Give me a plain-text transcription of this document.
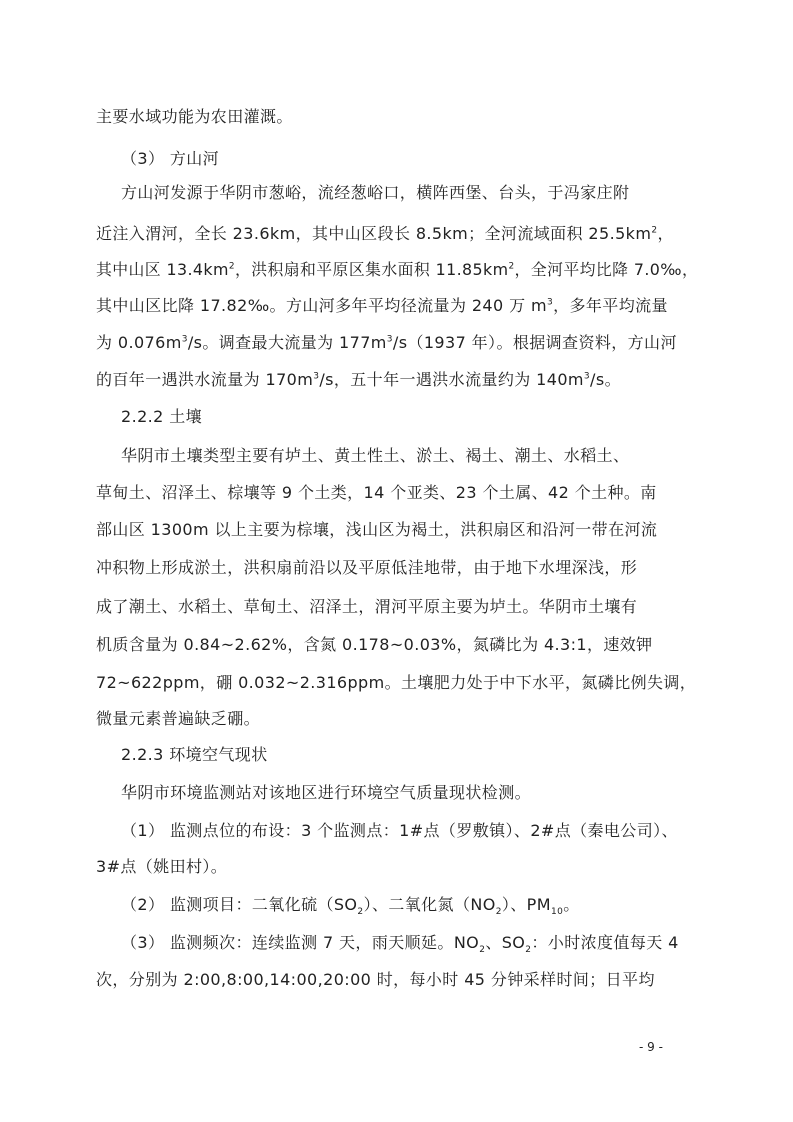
主要水域功能为农田灌溉。
（3） 方山河
方山河发源于华阴市葱峪，流经葱峪口，横阵西堡、台头，于冯家庄附
近注入渭河，全长 23.6km，其中山区段长 8.5km；全河流域面积 $25.5km^2$，
其中山区 $13.4km^2$，洪积扇和平原区集水面积 $11.85km^2$，全河平均比降 7.0‰，
其中山区比降 17.82‰。方山河多年平均径流量为 240 万 $m^3$，多年平均流量
为 $0.076m^3/s$。调查最大流量为 $177m^3/s(1937$ 年）。根据调查资料，方山河
的百年一遇洪水流量为 $170m^3/s$，五十年一遇洪水流量约为 $140m^3/s$。
2.2.2 土壤
华阴市土壤类型主要有垆土、黄土性土、淤土、褐土、潮土、水稻土、
草甸土、沼泽土、棕壤等 9 个土类，14 个亚类、23 个土属、42 个土种。南
部山区 1300m 以上主要为棕壤，浅山区为褐土，洪积扇区和沿河一带在河流
冲积物上形成淤土，洪积扇前沿以及平原低洼地带，由于地下水埋深浅，形
成了潮土、水稻土、草甸土、沼泽土，渭河平原主要为垆土。华阴市土壤有
机质含量为 0.84~2.62%，含氮 0.178~0.03%，氮磷比为 4.3:1，速效钾
72~622ppm，硼 0.032~2.316ppm。土壤肥力处于中下水平，氮磷比例失调，
微量元素普遍缺乏硼。
2.2.3 环境空气现状
华阴市环境监测站对该地区进行环境空气质量现状检测。
（1） 监测点位的布设：3 个监测点：1#点（罗敷镇）、2#点（秦电公司）、
3#点（姚田村）。
（2） 监测项目：二氧化硫$(SO_2)$、二氧化氮$(NO_2)$、$PM_{10}$。
（3） 监测频次：连续监测 7 天，雨天顺延。$NO_2$、$SO_2$：小时浓度值每天 4
次，分别为 2:00,8:00,14:00,20:00 时，每小时 45 分钟采样时间；日平均
- 9 -
